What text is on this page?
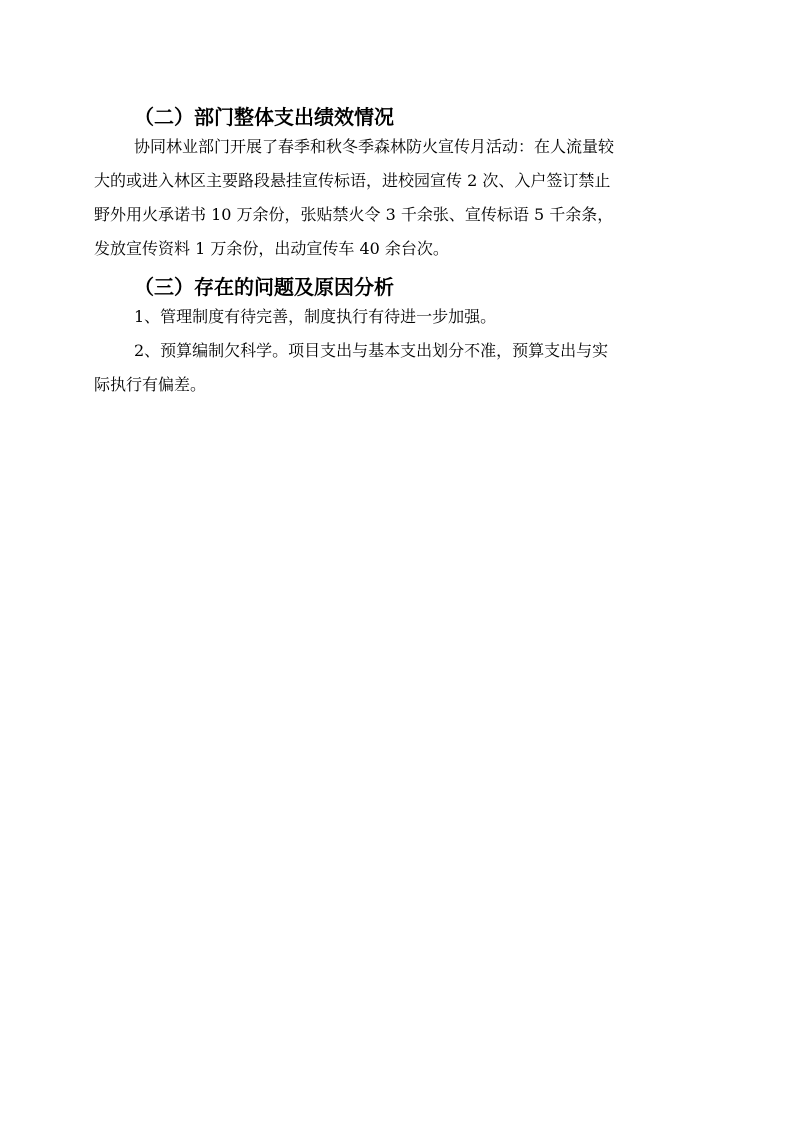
（二）部门整体支出绩效情况
协同林业部门开展了春季和秋冬季森林防火宣传月活动：在人流量较
大的或进入林区主要路段悬挂宣传标语，进校园宣传 2 次、入户签订禁止
野外用火承诺书 10 万余份，张贴禁火令 3 千余张、宣传标语 5 千余条，
发放宣传资料 1 万余份，出动宣传车 40 余台次。
（三）存在的问题及原因分析
1、管理制度有待完善，制度执行有待进一步加强。
2、预算编制欠科学。项目支出与基本支出划分不准，预算支出与实
际执行有偏差。
